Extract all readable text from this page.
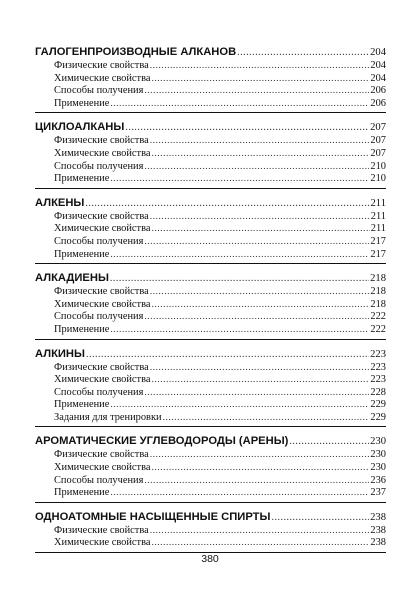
ГАЛОГЕНПРОИЗВОДНЫЕ АЛКАНОВ .....	204
Физические свойства .....	204
Химические свойства .....	204
Способы получения .....	206
Применение .....	206
ЦИКЛОАЛКАНЫ .....	207
Физические свойства .....	207
Химические свойства .....	207
Способы получения .....	210
Применение .....	210
АЛКЕНЫ .....	211
Физические свойства .....	211
Химические свойства .....	211
Способы получения .....	217
Применение .....	217
АЛКАДИЕНЫ .....	218
Физические свойства .....	218
Химические свойства .....	218
Способы получения .....	222
Применение .....	222
АЛКИНЫ .....	223
Физические свойства .....	223
Химические свойства .....	223
Способы получения .....	228
Применение .....	229
Задания для тренировки .....	229
АРОМАТИЧЕСКИЕ УГЛЕВОДОРОДЫ (АРЕНЫ) .....	230
Физические свойства .....	230
Химические свойства .....	230
Способы получения .....	236
Применение .....	237
ОДНОАТОМНЫЕ НАСЫЩЕННЫЕ СПИРТЫ .....	238
Физические свойства .....	238
Химические свойства .....	238
380
